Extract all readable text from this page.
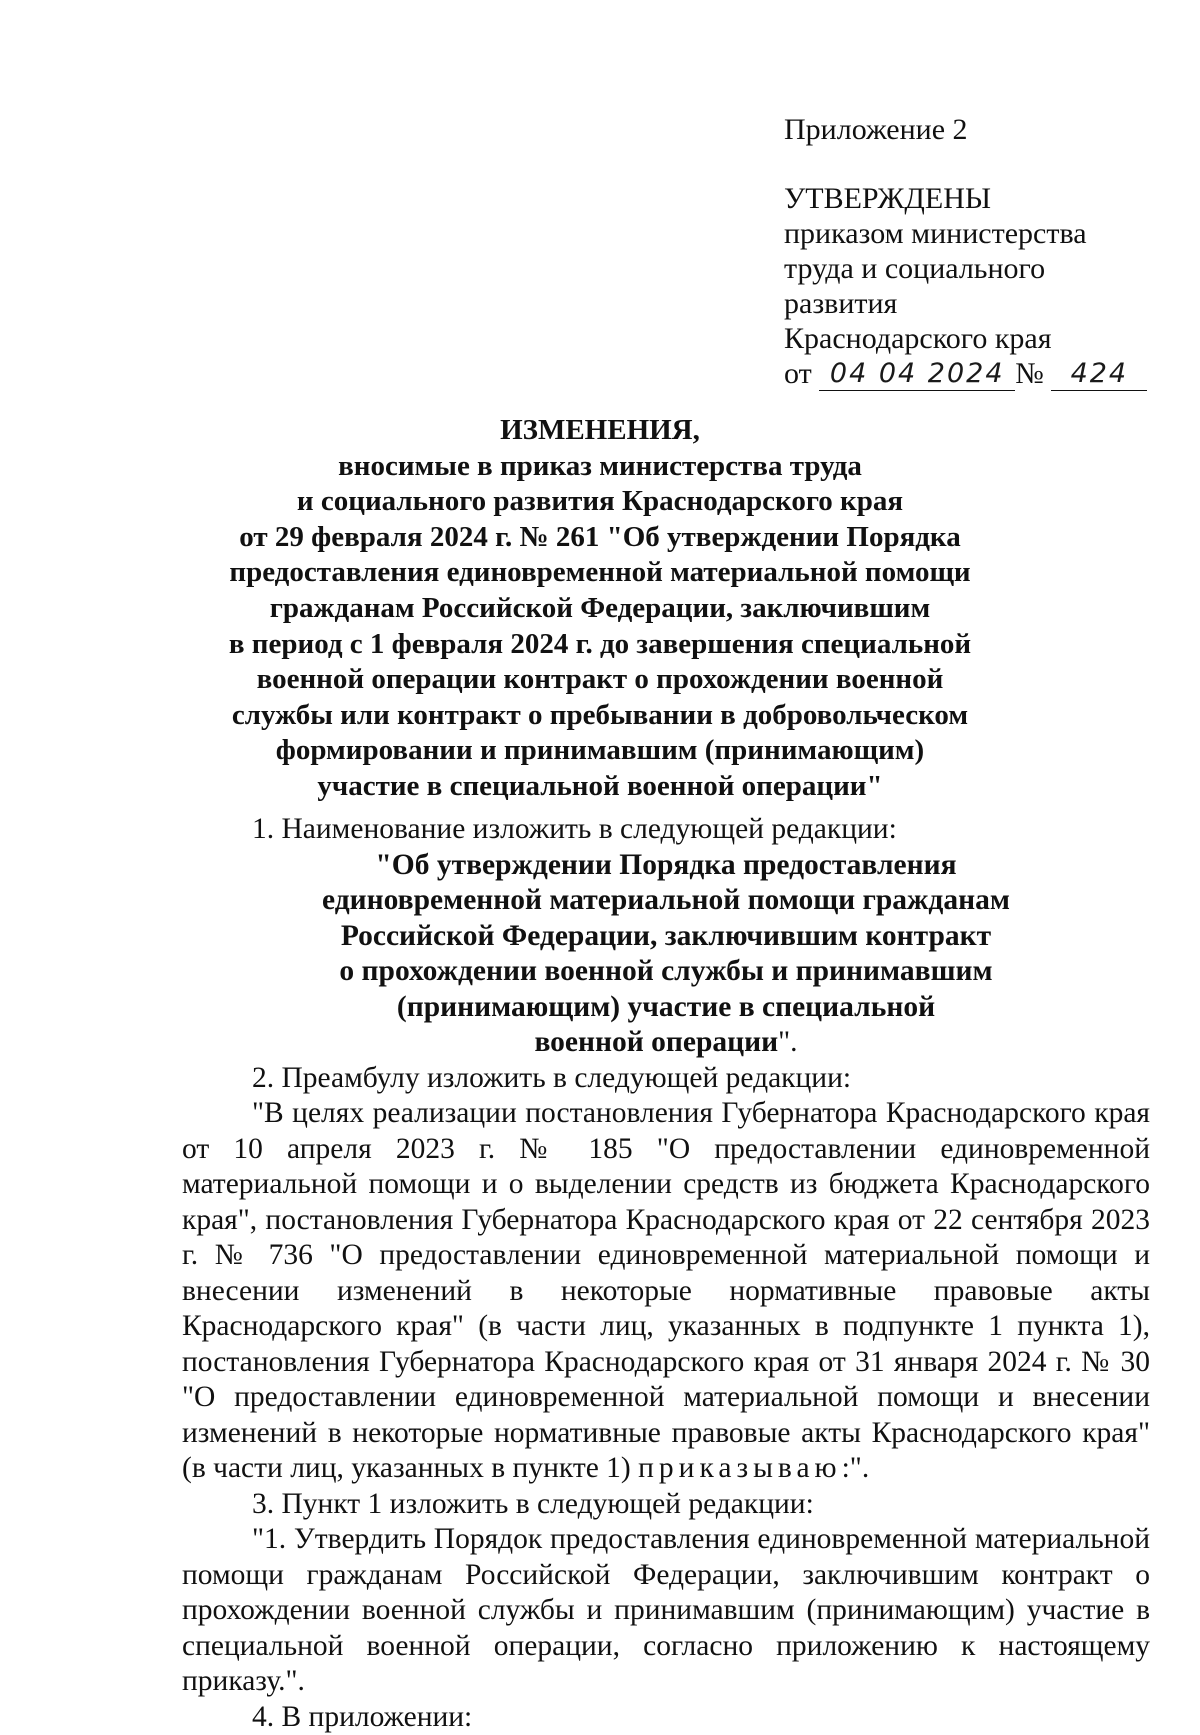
Приложение 2
УТВЕРЖДЕНЫ
приказом министерства
труда и социального развития
Краснодарского края
от 04 04 2024 № 424
ИЗМЕНЕНИЯ,
вносимые в приказ министерства труда
и социального развития Краснодарского края
от 29 февраля 2024 г. № 261 "Об утверждении Порядка
предоставления единовременной материальной помощи
гражданам Российской Федерации, заключившим
в период с 1 февраля 2024 г. до завершения специальной
военной операции контракт о прохождении военной
службы или контракт о пребывании в добровольческом
формировании и принимавшим (принимающим)
участие в специальной военной операции"

1. Наименование изложить в следующей редакции:

"Об утверждении Порядка предоставления

единовременной материальной помощи гражданам

Российской Федерации, заключившим контракт

о прохождении военной службы и принимавшим

(принимающим) участие в специальной

военной операции".

2. Преамбулу изложить в следующей редакции:

"В целях реализации постановления Губернатора Краснодарского края от 10 апреля 2023 г. № 185 "О предоставлении единовременной материальной помощи и о выделении средств из бюджета Краснодарского края", постановления Губернатора Краснодарского края от 22 сентября 2023 г. № 736 "О предоставлении единовременной материальной помощи и внесении изменений в некоторые нормативные правовые акты Краснодарского края" (в части лиц, указанных в подпункте 1 пункта 1), постановления Губернатора Краснодарского края от 31 января 2024 г. № 30 "О предоставлении единовременной материальной помощи и внесении изменений в некоторые нормативные правовые акты Краснодарского края" (в части лиц, указанных в пункте 1) приказываю:".

3. Пункт 1 изложить в следующей редакции:

"1. Утвердить Порядок предоставления единовременной материальной помощи гражданам Российской Федерации, заключившим контракт о прохождении военной службы и принимавшим (принимающим) участие в специальной военной операции, согласно приложению к настоящему приказу.".

4. В приложении:
